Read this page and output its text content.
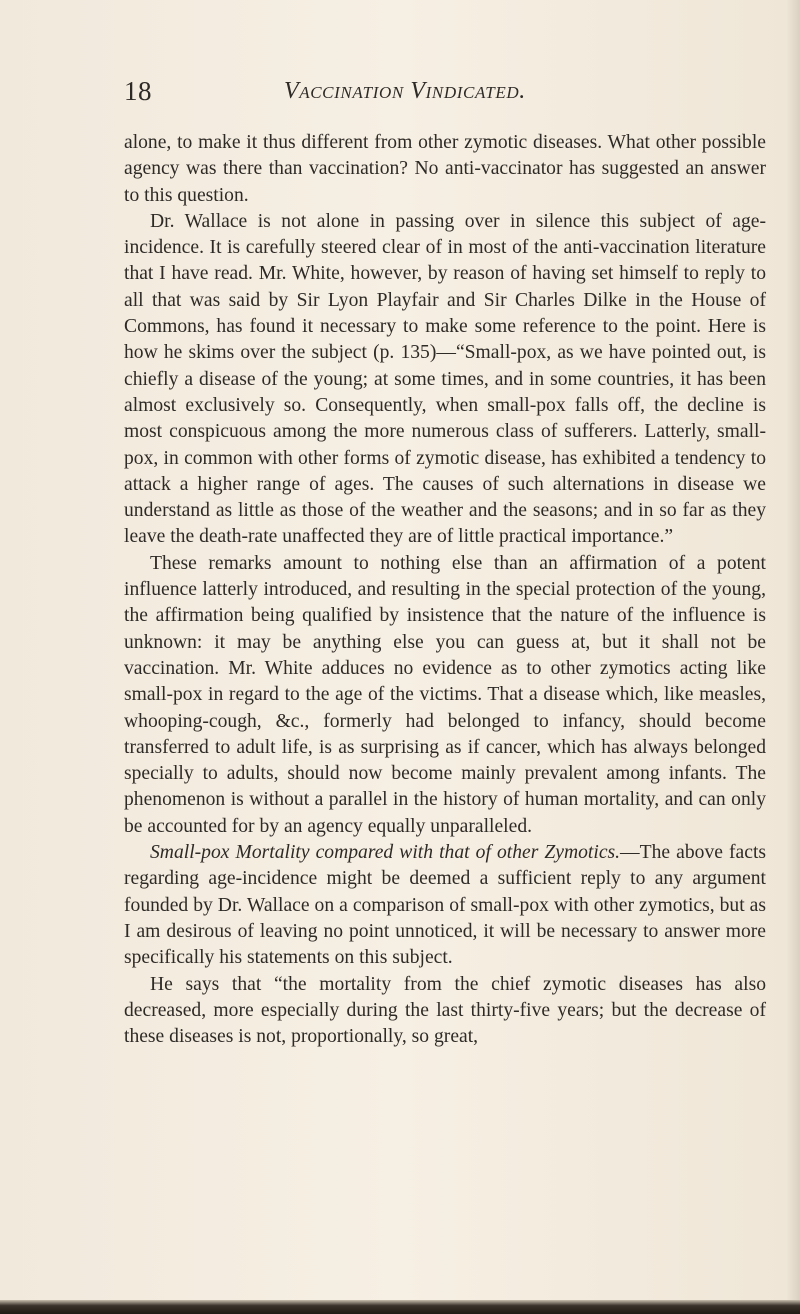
18	Vaccination Vindicated.

alone, to make it thus different from other zymotic diseases. What other possible agency was there than vaccination? No anti-vaccinator has suggested an answer to this question.

Dr. Wallace is not alone in passing over in silence this subject of age-incidence. It is carefully steered clear of in most of the anti-vaccination literature that I have read. Mr. White, however, by reason of having set himself to reply to all that was said by Sir Lyon Playfair and Sir Charles Dilke in the House of Commons, has found it necessary to make some reference to the point. Here is how he skims over the subject (p. 135)—“Small-pox, as we have pointed out, is chiefly a disease of the young; at some times, and in some countries, it has been almost exclusively so. Consequently, when small-pox falls off, the decline is most conspicuous among the more numerous class of sufferers. Latterly, small-pox, in common with other forms of zymotic disease, has exhibited a tendency to attack a higher range of ages. The causes of such alternations in disease we understand as little as those of the weather and the seasons; and in so far as they leave the death-rate unaffected they are of little practical importance.”

These remarks amount to nothing else than an affirmation of a potent influence latterly introduced, and resulting in the special protection of the young, the affirmation being qualified by insistence that the nature of the influence is unknown: it may be anything else you can guess at, but it shall not be vaccination. Mr. White adduces no evidence as to other zymotics acting like small-pox in regard to the age of the victims. That a disease which, like measles, whooping-cough, &c., formerly had belonged to infancy, should become transferred to adult life, is as surprising as if cancer, which has always belonged specially to adults, should now become mainly prevalent among infants. The phenomenon is without a parallel in the history of human mortality, and can only be accounted for by an agency equally unparalleled.

Small-pox Mortality compared with that of other Zymotics.—The above facts regarding age-incidence might be deemed a sufficient reply to any argument founded by Dr. Wallace on a comparison of small-pox with other zymotics, but as I am desirous of leaving no point unnoticed, it will be necessary to answer more specifically his statements on this subject.

He says that “the mortality from the chief zymotic diseases has also decreased, more especially during the last thirty-five years; but the decrease of these diseases is not, proportionally, so great,
